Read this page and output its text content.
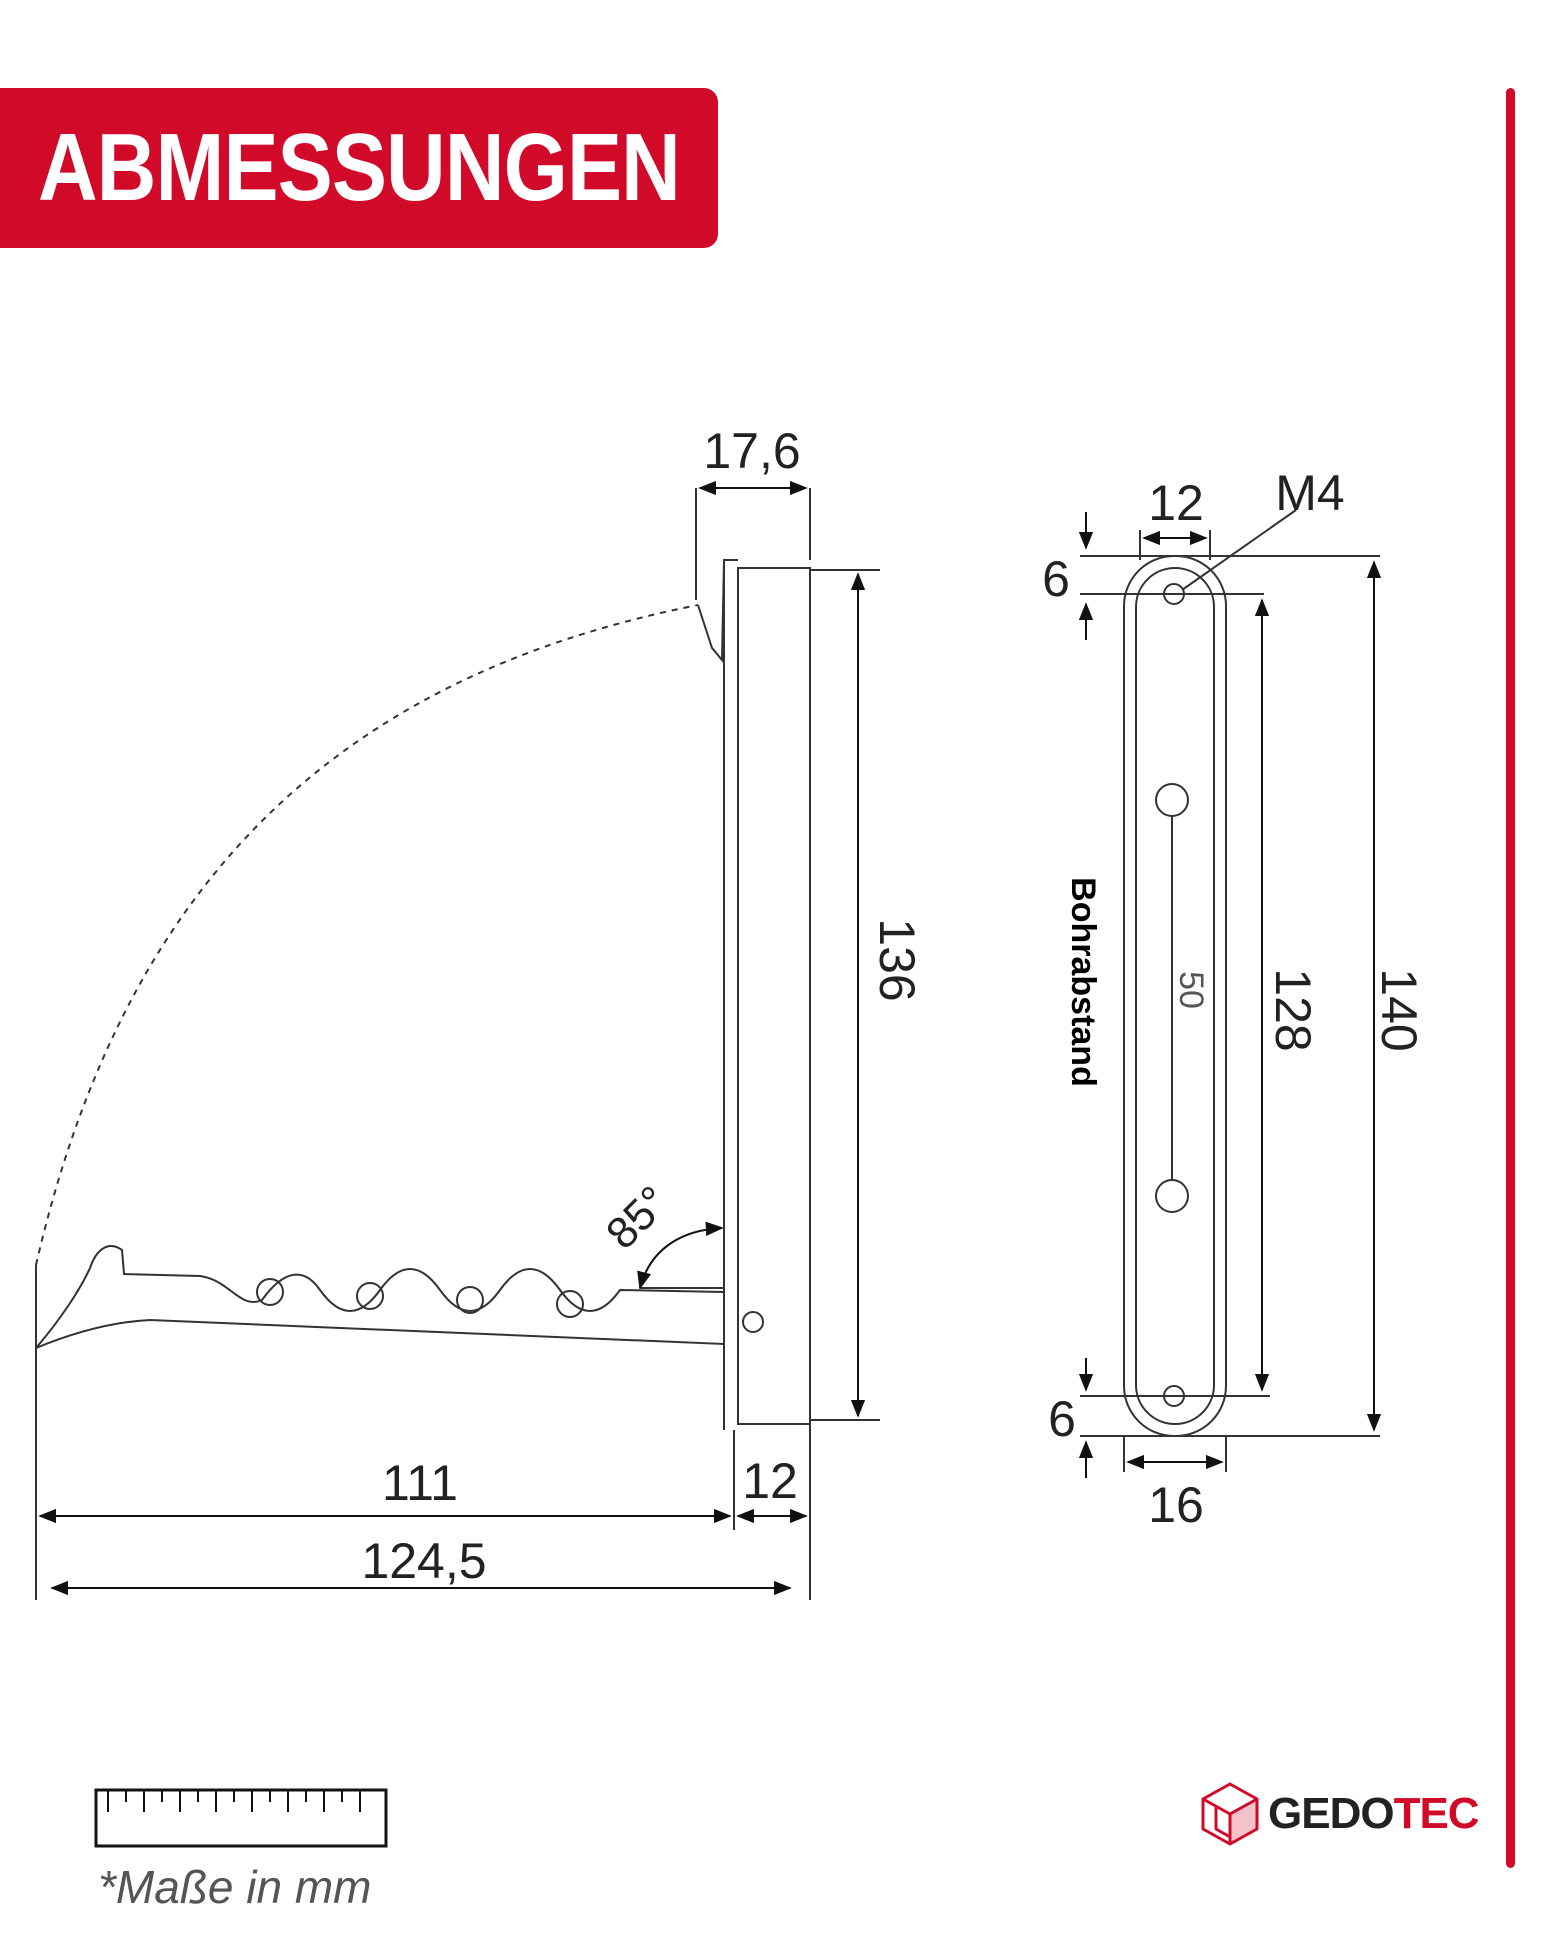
ABMESSUNGEN
17,6
136
85°
111	12
124,5
12 M4
6
128 140
50
6
16
Bohrabstand
*Maße in mm
GEDOTEC
